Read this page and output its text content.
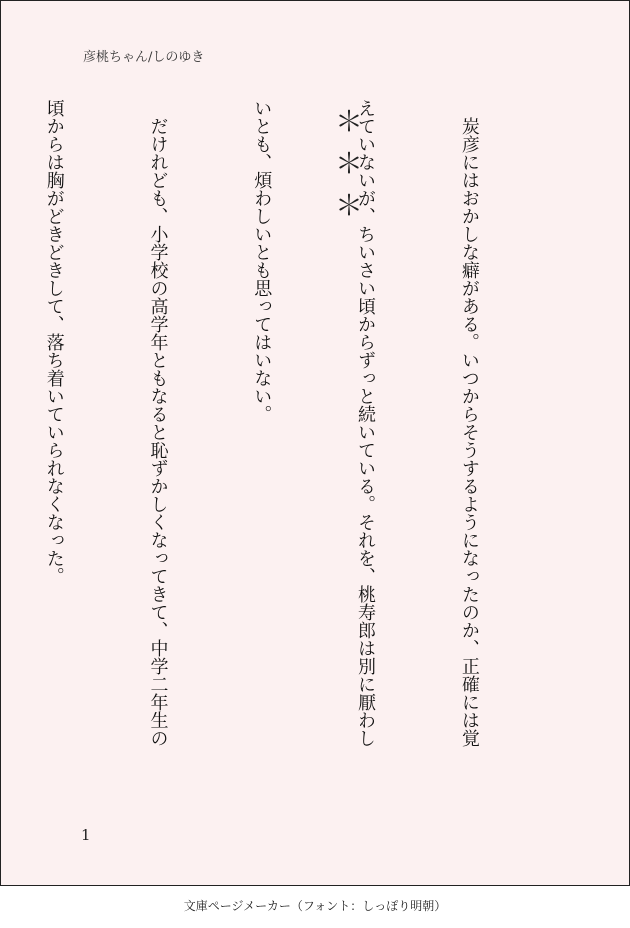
彦桃ちゃん/しのゆき

　炭彦にはおかしな癖がある。いつからそうするようになったのか、正確には覚

えていないが、ちいさい頃からずっと続いている。それを、桃寿郎は別に厭わし

いとも、煩わしいとも思ってはいない。

　だけれども、小学校の高学年ともなると恥ずかしくなってきて、中学二年生の

頃からは胸がどきどきして、落ち着いていられなくなった。

	＊
＊
＊
1
文庫ページメーカー（フォント：しっぽり明朝）
